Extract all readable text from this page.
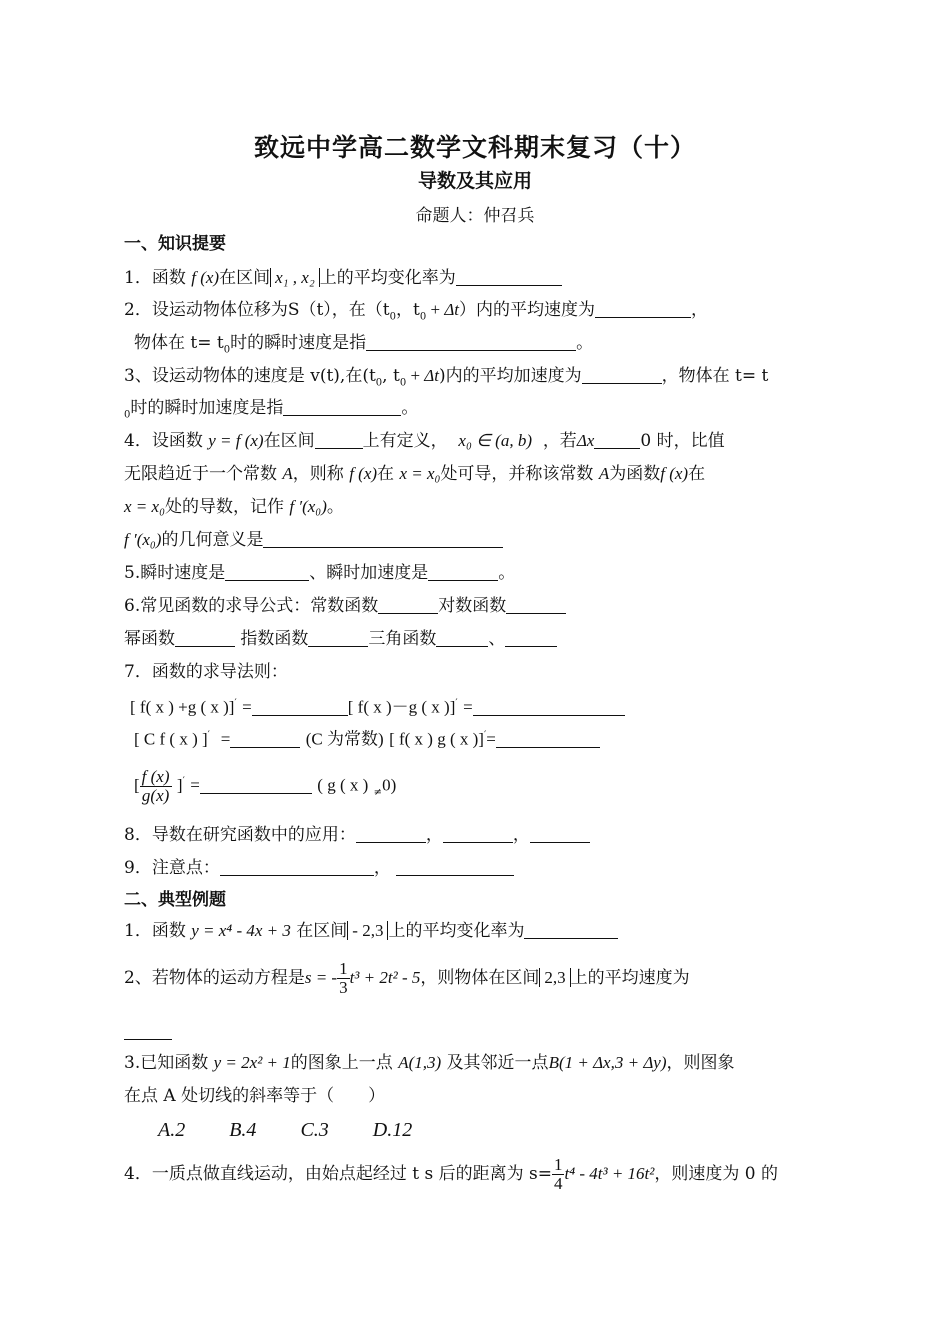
致远中学高二数学文科期末复习（十）
导数及其应用
命题人：仲召兵
一、知识提要
1．函数 f (x)在区间 x₁ , x₂ 上的平均变化率为
2．设运动物体位移为S（t），在（$t_0$，$t_0 + \Delta t$）内的平均速度为	，
物体在 $t= t_0$时的瞬时速度是指	。
3、设运动物体的速度是 v(t),在($t_0$, $t_0 + \Delta t$)内的平均加速度为	，物体在 t= t
$_0$时的瞬时加速度是指	。
4．设函数 y = f (x)在区间	上有定义， x₀ ∈ (a, b) ，若Δx	0 时，比值
无限趋近于一个常数 A，则称 f (x)在 x = x₀处可导，并称该常数 A为函数f (x)在
x = x₀处的导数，记作 f ′(x₀)。
f ′(x₀)的几何意义是
5.瞬时速度是	、瞬时加速度是	。
6.常见函数的求导公式：常数函数	对数函数
幂函数	指数函数	三角函数	、
7．函数的求导法则：
[ f( x ) +g ( x )]′ =	[ f( x )－g ( x )]′ =
[ C f ( x ) ]′ =	(C 为常数) [ f( x ) g ( x )]′=
[ $\frac{f (x)}{g(x)} ]'$ =	( g ( x ) $_\ne$0)
8．导数在研究函数中的应用：	，	，
9．注意点：	，
二、典型例题
1．函数 y = x⁴ - 4x + 3 在区间 - 2,3 上的平均变化率为
2、若物体的运动方程是s = - $\frac{1}{3} t^3 + 2t^2 - 5$，则物体在区间 2,3 上的平均速度为
3.已知函数 y = 2x² + 1的图象上一点 A(1,3) 及其邻近一点B(1 + Δx,3 + Δy)，则图象
在点 A 处切线的斜率等于（　　）
A.2 B.4 C.3 D.12
4．一质点做直线运动，由始点起经过 t s 后的距离为 $s= \frac{1}{4} t^4 - 4t^3 + 16t^2$，则速度为 0 的
